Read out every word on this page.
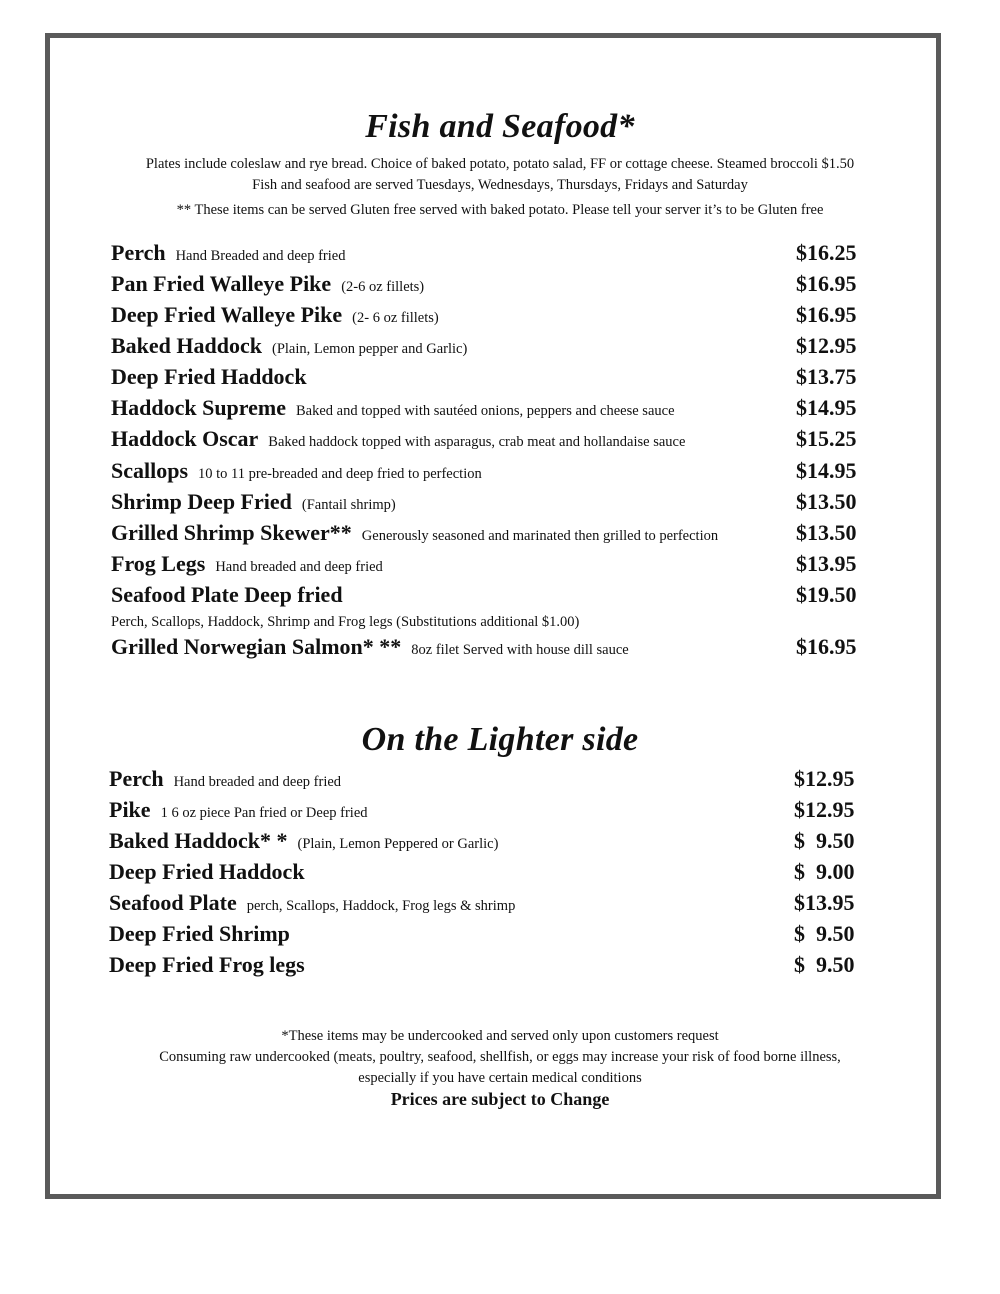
Fish and Seafood*
Plates include coleslaw and rye bread. Choice of baked potato, potato salad, FF or cottage cheese. Steamed broccoli $1.50
Fish and seafood are served Tuesdays, Wednesdays, Thursdays, Fridays and Saturday
** These items can be served Gluten free served with baked potato. Please tell your server it’s to be Gluten free
Perch Hand Breaded and deep fried	$16.25
Pan Fried Walleye Pike (2-6 oz fillets)	$16.95
Deep Fried Walleye Pike (2- 6 oz fillets)	$16.95
Baked Haddock (Plain, Lemon pepper and Garlic)	$12.95
Deep Fried Haddock	$13.75
Haddock Supreme Baked and topped with sautéed onions, peppers and cheese sauce	$14.95
Haddock Oscar Baked haddock topped with asparagus, crab meat and hollandaise sauce	$15.25
Scallops 10 to 11 pre-breaded and deep fried to perfection	$14.95
Shrimp Deep Fried (Fantail shrimp)	$13.50
Grilled Shrimp Skewer** Generously seasoned and marinated then grilled to perfection	$13.50
Frog Legs Hand breaded and deep fried	$13.95
Seafood Plate Deep fried	$19.50
Perch, Scallops, Haddock, Shrimp and Frog legs (Substitutions additional $1.00)
Grilled Norwegian Salmon* ** 8oz filet Served with house dill sauce	$16.95
On the Lighter side
Perch Hand breaded and deep fried	$12.95
Pike 1 6 oz piece Pan fried or Deep fried	$12.95
Baked Haddock* * (Plain, Lemon Peppered or Garlic)	$  9.50
Deep Fried Haddock	$  9.00
Seafood Plate perch, Scallops, Haddock, Frog legs & shrimp	$13.95
Deep Fried Shrimp	$  9.50
Deep Fried Frog legs	$  9.50
*These items may be undercooked and served only upon customers request
Consuming raw undercooked (meats, poultry, seafood, shellfish, or eggs may increase your risk of food borne illness,
especially if you have certain medical conditions
Prices are subject to Change
